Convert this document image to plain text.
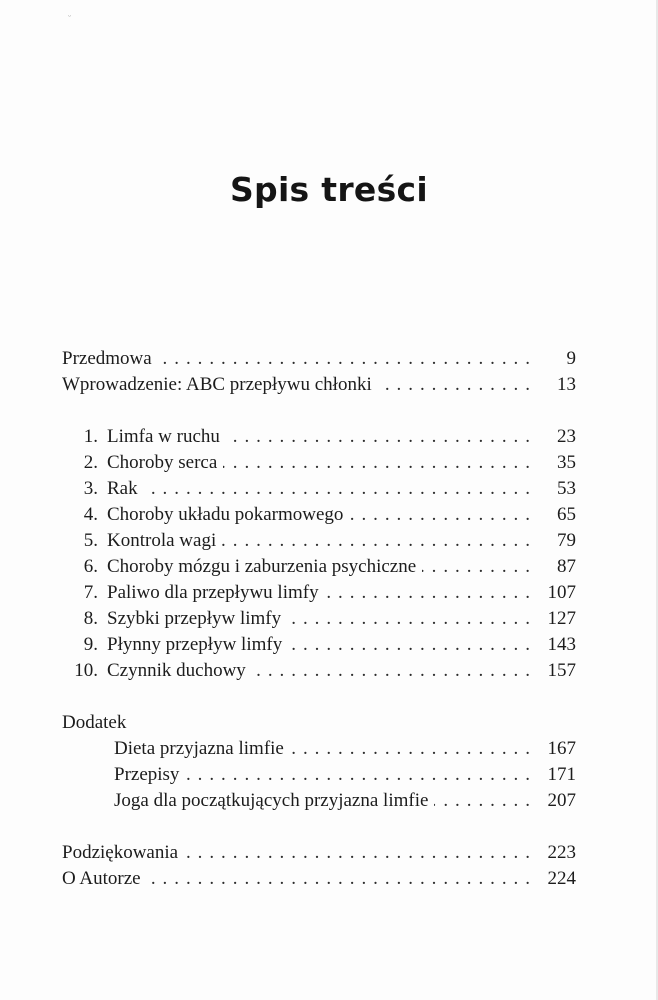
ᵕ
Spis treści
Przedmowa . . .	9
Wprowadzenie: ABC przepływu chłonki . . .	13
1. Limfa w ruchu . . .	23
2. Choroby serca . . .	35
3. Rak . . .	53
4. Choroby układu pokarmowego . . .	65
5. Kontrola wagi . . .	79
6. Choroby mózgu i zaburzenia psychiczne . . .	87
7. Paliwo dla przepływu limfy . . .	107
8. Szybki przepływ limfy . . .	127
9. Płynny przepływ limfy . . .	143
10. Czynnik duchowy . . .	157
Dodatek
Dieta przyjazna limfie . . .	167
Przepisy . . .	171
Joga dla początkujących przyjazna limfie . . .	207
Podziękowania . . .	223
O Autorze . . .	224
